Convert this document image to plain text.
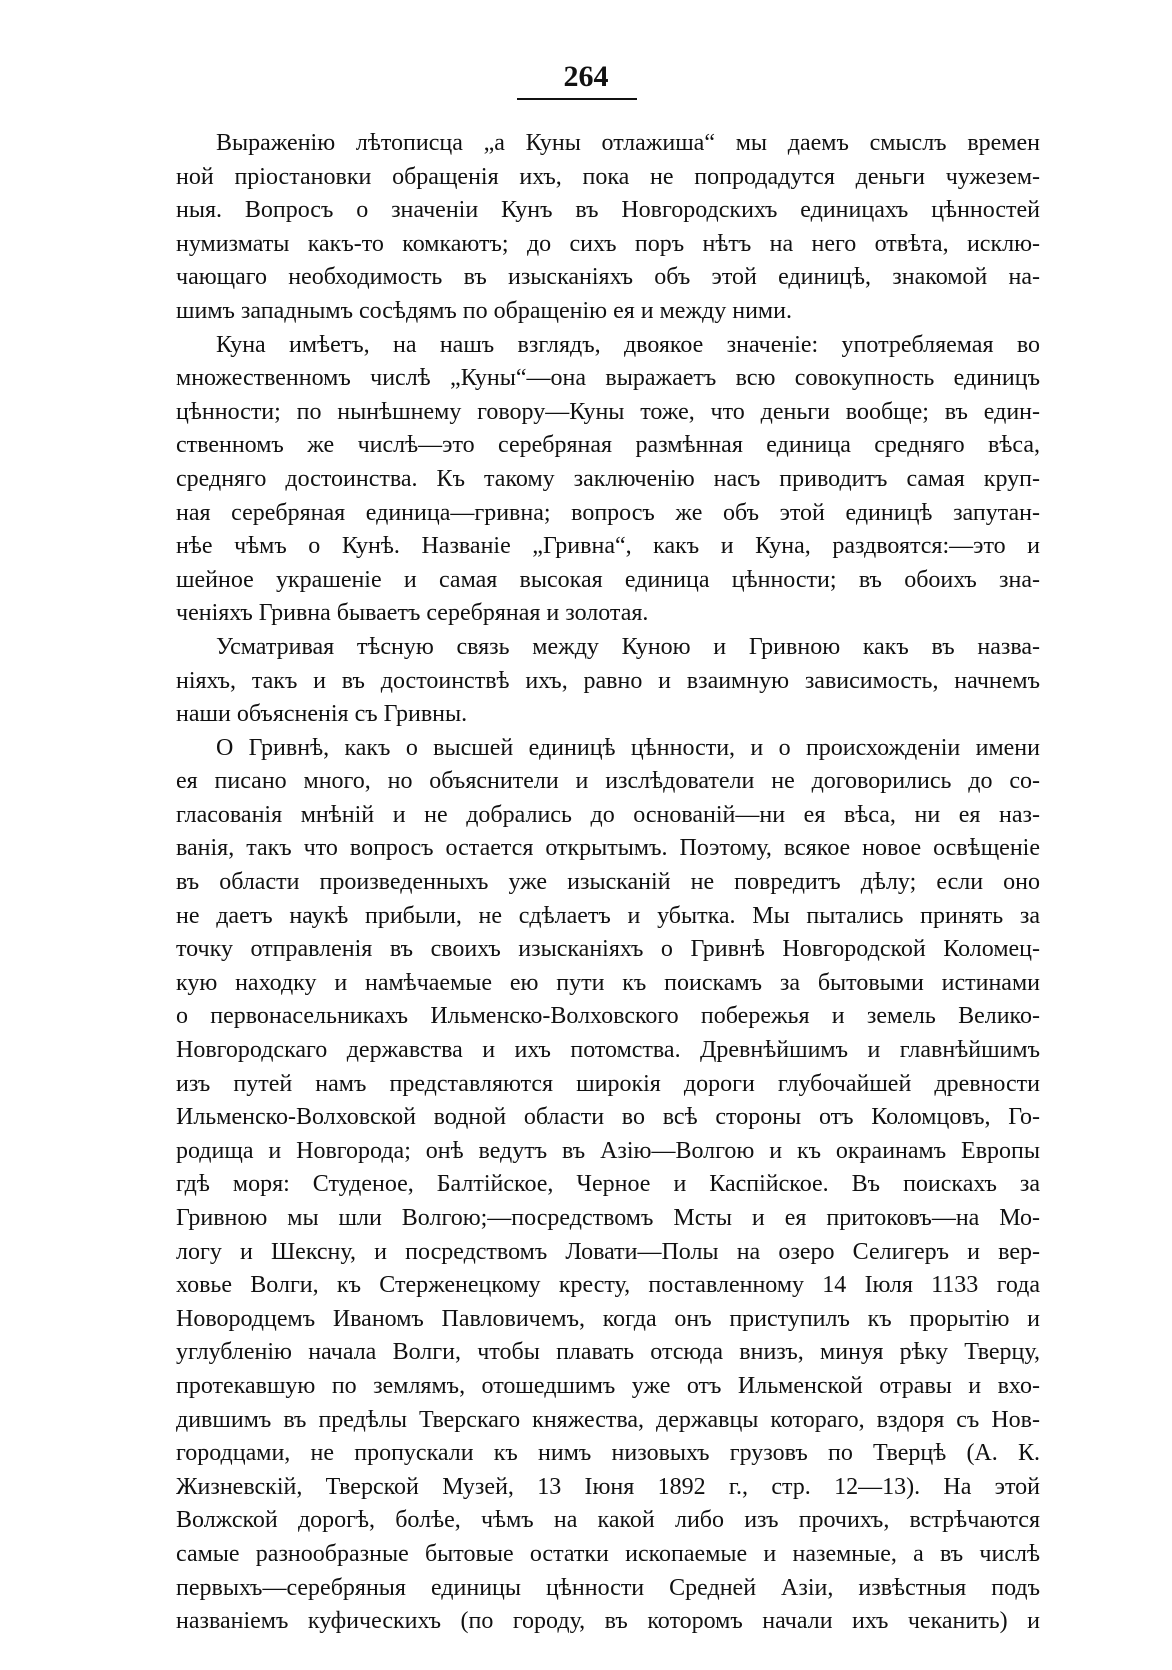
264
Выраженію лѣтописца „а Куны отлажиша“ мы даемъ смыслъ времен
ной пріостановки обращенія ихъ, пока не попродадутся деньги чужезем-
ныя. Вопросъ о значеніи Кунъ въ Новгородскихъ единицахъ цѣнностей
нумизматы какъ-то комкаютъ; до сихъ поръ нѣтъ на него отвѣта, исклю-
чающаго необходимость въ изысканіяхъ объ этой единицѣ, знакомой на-
шимъ западнымъ сосѣдямъ по обращенію ея и между ними.
Куна имѣетъ, на нашъ взглядъ, двоякое значеніе: употребляемая во
множественномъ числѣ „Куны“—она выражаетъ всю совокупность единицъ
цѣнности; по нынѣшнему говору—Куны тоже, что деньги вообще; въ един-
ственномъ же числѣ—это серебряная размѣнная единица средняго вѣса,
средняго достоинства. Къ такому заключенію насъ приводитъ самая круп-
ная серебряная единица—гривна; вопросъ же объ этой единицѣ запутан-
нѣе чѣмъ о Кунѣ. Названіе „Гривна“, какъ и Куна, раздвоятся:—это и
шейное украшеніе и самая высокая единица цѣнности; въ обоихъ зна-
ченіяхъ Гривна бываетъ серебряная и золотая.
Усматривая тѣсную связь между Куною и Гривною какъ въ назва-
ніяхъ, такъ и въ достоинствѣ ихъ, равно и взаимную зависимость, начнемъ
наши объясненія съ Гривны.
О Гривнѣ, какъ о высшей единицѣ цѣнности, и о происхожденіи имени
ея писано много, но объяснители и изслѣдователи не договорились до со-
гласованія мнѣній и не добрались до основаній—ни ея вѣса, ни ея наз-
ванія, такъ что вопросъ остается открытымъ. Поэтому, всякое новое освѣщеніе
въ области произведенныхъ уже изысканій не повредитъ дѣлу; если оно
не даетъ наукѣ прибыли, не сдѣлаетъ и убытка. Мы пытались принять за
точку отправленія въ своихъ изысканіяхъ о Гривнѣ Новгородской Коломец-
кую находку и намѣчаемые ею пути къ поискамъ за бытовыми истинами
о первонасельникахъ Ильменско-Волховского побережья и земель Велико-
Новгородскаго державства и ихъ потомства. Древнѣйшимъ и главнѣйшимъ
изъ путей намъ представляются широкія дороги глубочайшей древности
Ильменско-Волховской водной области во всѣ стороны отъ Коломцовъ, Го-
родища и Новгорода; онѣ ведутъ въ Азію—Волгою и къ окраинамъ Европы
гдѣ моря: Студеное, Балтійское, Черное и Каспійское. Въ поискахъ за
Гривною мы шли Волгою;—посредствомъ Мсты и ея притоковъ—на Мо-
логу и Шексну, и посредствомъ Ловати—Полы на озеро Селигеръ и вер-
ховье Волги, къ Стерженецкому кресту, поставленному 14 Іюля 1133 года
Новородцемъ Иваномъ Павловичемъ, когда онъ приступилъ къ прорытію и
углубленію начала Волги, чтобы плавать отсюда внизъ, минуя рѣку Тверцу,
протекавшую по землямъ, отошедшимъ уже отъ Ильменской отравы и вхо-
дившимъ въ предѣлы Тверскаго княжества, державцы котораго, вздоря съ Нов-
городцами, не пропускали къ нимъ низовыхъ грузовъ по Тверцѣ (А. К.
Жизневскій, Тверской Музей, 13 Іюня 1892 г., стр. 12—13). На этой
Волжской дорогѣ, болѣе, чѣмъ на какой либо изъ прочихъ, встрѣчаются
самые разнообразные бытовые остатки ископаемые и наземные, а въ числѣ
первыхъ—серебряныя единицы цѣнности Средней Азіи, извѣстныя подъ
названіемъ куфическихъ (по городу, въ которомъ начали ихъ чеканить) и
